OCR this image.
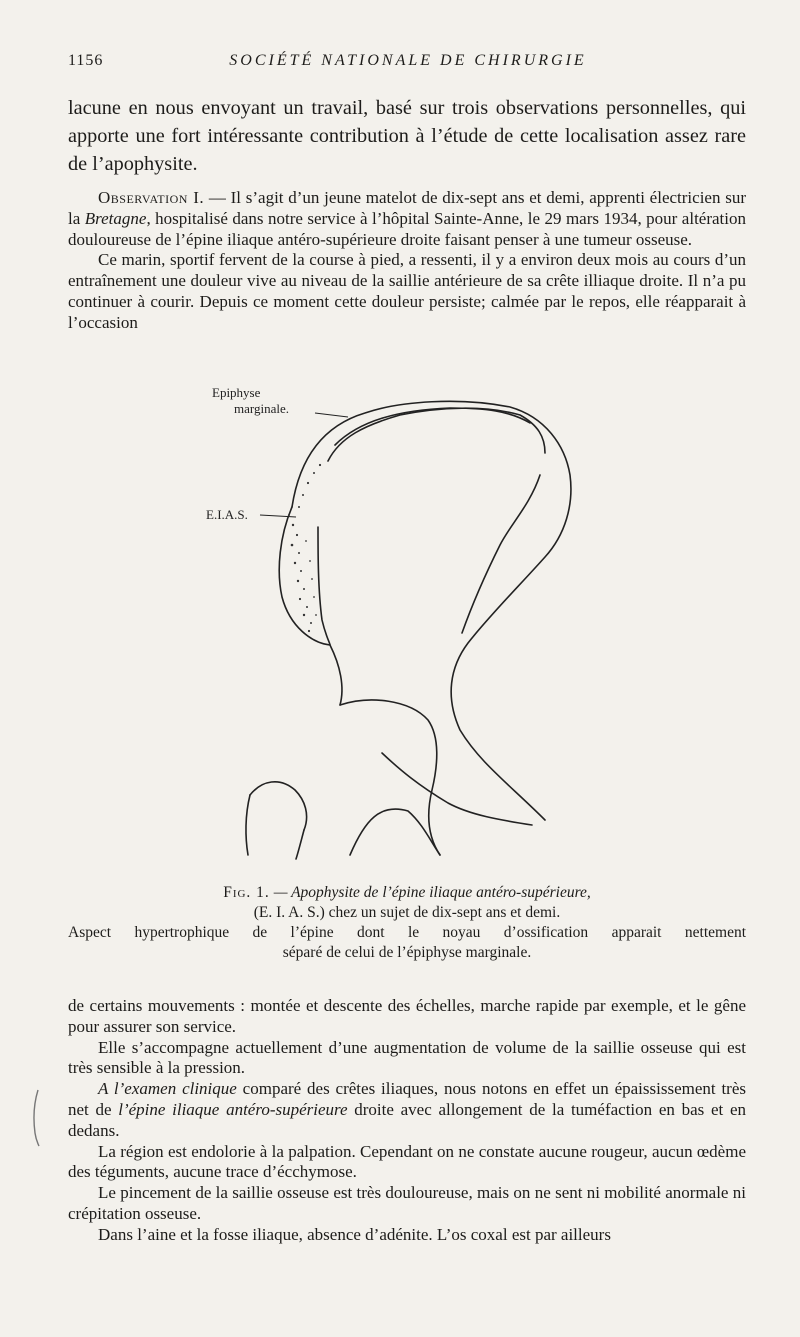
1156	SOCIÉTÉ NATIONALE DE CHIRURGIE

lacune en nous envoyant un travail, basé sur trois observations personnelles, qui apporte une fort intéressante contribution à l’étude de cette localisation assez rare de l’apophysite.

Observation I. — Il s’agit d’un jeune matelot de dix-sept ans et demi, apprenti électricien sur la Bretagne, hospitalisé dans notre service à l’hôpital Sainte-Anne, le 29 mars 1934, pour altération douloureuse de l’épine iliaque antéro-supérieure droite faisant penser à une tumeur osseuse.

Ce marin, sportif fervent de la course à pied, a ressenti, il y a environ deux mois au cours d’un entraînement une douleur vive au niveau de la saillie antérieure de sa crête illiaque droite. Il n’a pu continuer à courir. Depuis ce moment cette douleur persiste; calmée par le repos, elle réapparait à l’occasion

Epiphyse
marginale.
E.I.A.S.
Fig. 1. — Apophysite de l’épine iliaque antéro-supérieure,
(E. I. A. S.) chez un sujet de dix-sept ans et demi.
Aspect hypertrophique de l’épine dont le noyau d’ossification apparait nettement
séparé de celui de l’épiphyse marginale.

de certains mouvements : montée et descente des échelles, marche rapide par exemple, et le gêne pour assurer son service.

Elle s’accompagne actuellement d’une augmentation de volume de la saillie osseuse qui est très sensible à la pression.

A l’examen clinique comparé des crêtes iliaques, nous notons en effet un épaississement très net de l’épine iliaque antéro-supérieure droite avec allongement de la tuméfaction en bas et en dedans.

La région est endolorie à la palpation. Cependant on ne constate aucune rougeur, aucun œdème des téguments, aucune trace d’écchymose.

Le pincement de la saillie osseuse est très douloureuse, mais on ne sent ni mobilité anormale ni crépitation osseuse.

Dans l’aine et la fosse iliaque, absence d’adénite. L’os coxal est par ailleurs
